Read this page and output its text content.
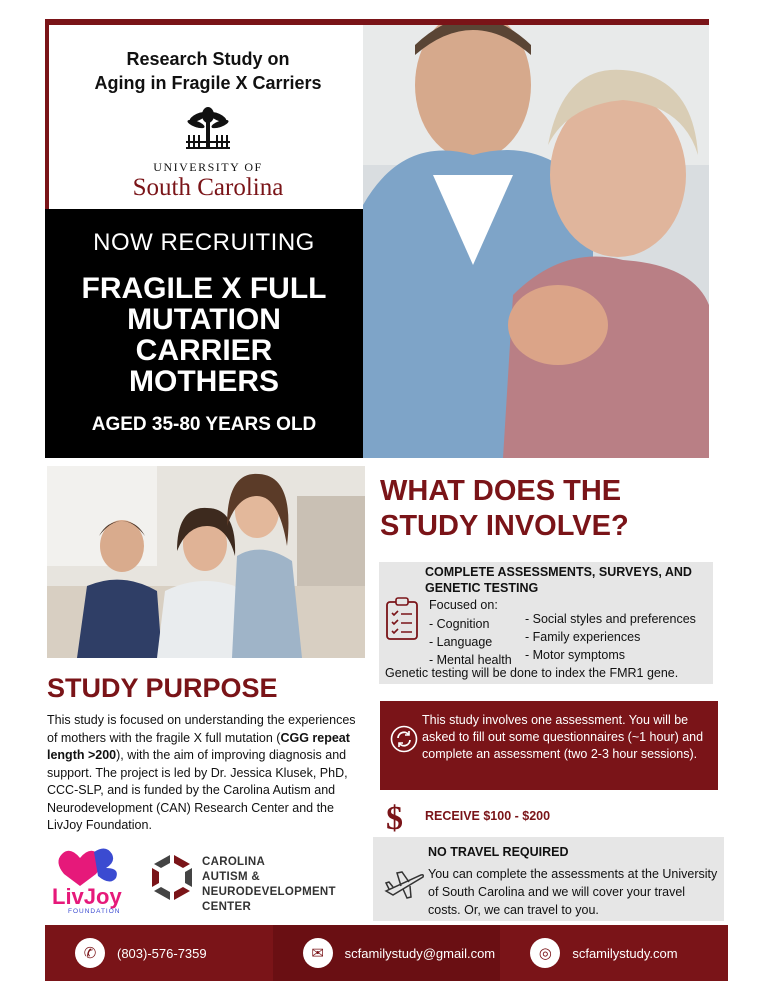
Research Study on
Aging in Fragile X Carriers
UNIVERSITY OF
South Carolina
NOW RECRUITING
FRAGILE X FULL
MUTATION
CARRIER
MOTHERS
AGED 35-80 YEARS OLD
WHAT DOES THE
STUDY INVOLVE?
COMPLETE ASSESSMENTS, SURVEYS, AND GENETIC TESTING
Focused on:
- Cognition
- Language
- Mental health
- Social styles and preferences
- Family experiences
- Motor symptoms
Genetic testing will be done to index the FMR1 gene.
This study involves one assessment. You will be asked to fill out some questionnaires (~1 hour) and complete an assessment (two 2-3 hour sessions).
$ RECEIVE $100 - $200
NO TRAVEL REQUIRED
You can complete the assessments at the University of South Carolina and we will cover your travel costs. Or, we can travel to you.
STUDY PURPOSE
This study is focused on understanding the experiences of mothers with the fragile X full mutation (CGG repeat length >200), with the aim of improving diagnosis and support. The project is led by Dr. Jessica Klusek, PhD, CCC-SLP, and is funded by the Carolina Autism and Neurodevelopment (CAN) Research Center and the LivJoy Foundation.
LivJoy
FOUNDATION
CAROLINA
AUTISM & NEURODEVELOPMENT
CENTER
✆	(803)-576-7359	✉	scfamilystudy@gmail.com	◎	scfamilystudy.com
